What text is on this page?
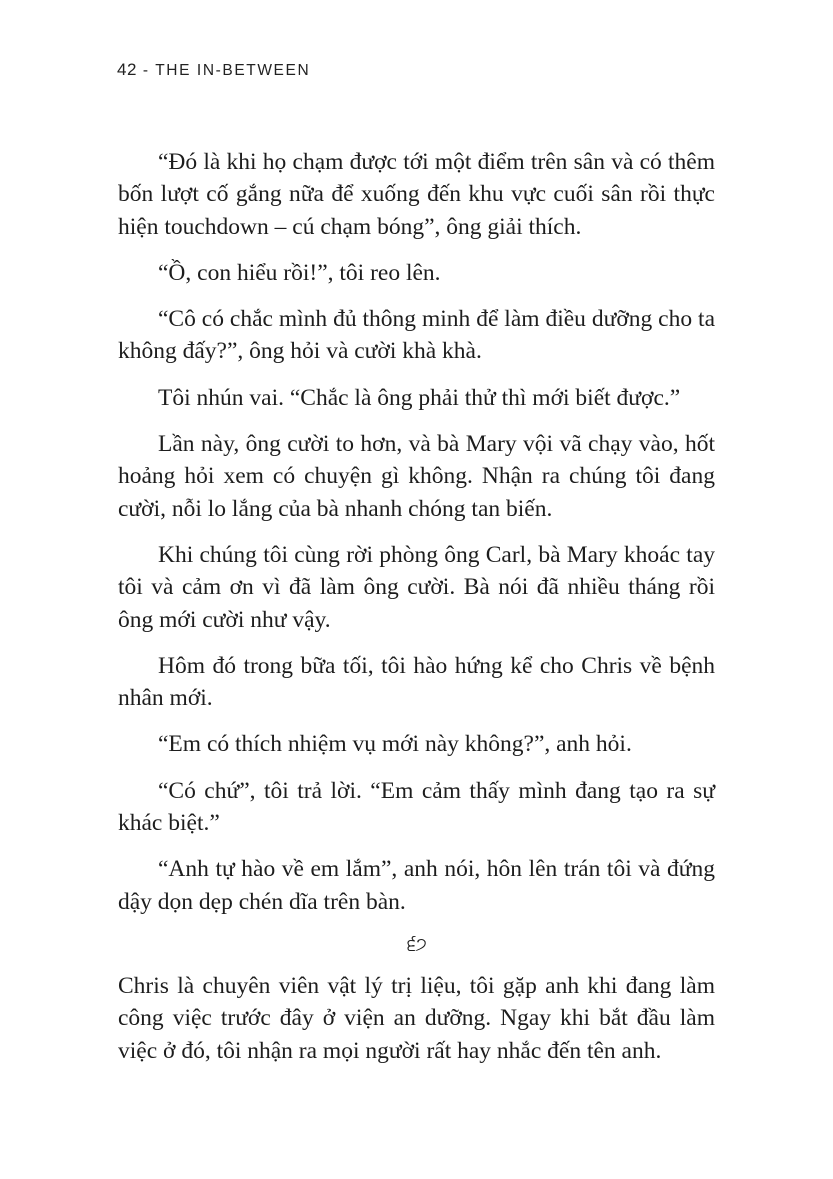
42 - THE IN-BETWEEN

“Đó là khi họ chạm được tới một điểm trên sân và có thêm bốn lượt cố gắng nữa để xuống đến khu vực cuối sân rồi thực hiện touchdown – cú chạm bóng”, ông giải thích.

“Ồ, con hiểu rồi!”, tôi reo lên.

“Cô có chắc mình đủ thông minh để làm điều dưỡng cho ta không đấy?”, ông hỏi và cười khà khà.

Tôi nhún vai. “Chắc là ông phải thử thì mới biết được.”

Lần này, ông cười to hơn, và bà Mary vội vã chạy vào, hốt hoảng hỏi xem có chuyện gì không. Nhận ra chúng tôi đang cười, nỗi lo lắng của bà nhanh chóng tan biến.

Khi chúng tôi cùng rời phòng ông Carl, bà Mary khoác tay tôi và cảm ơn vì đã làm ông cười. Bà nói đã nhiều tháng rồi ông mới cười như vậy.

Hôm đó trong bữa tối, tôi hào hứng kể cho Chris về bệnh nhân mới.

“Em có thích nhiệm vụ mới này không?”, anh hỏi.

“Có chứ”, tôi trả lời. “Em cảm thấy mình đang tạo ra sự khác biệt.”

“Anh tự hào về em lắm”, anh nói, hôn lên trán tôi và đứng dậy dọn dẹp chén dĩa trên bàn.

੬੭

Chris là chuyên viên vật lý trị liệu, tôi gặp anh khi đang làm công việc trước đây ở viện an dưỡng. Ngay khi bắt đầu làm việc ở đó, tôi nhận ra mọi người rất hay nhắc đến tên anh.
